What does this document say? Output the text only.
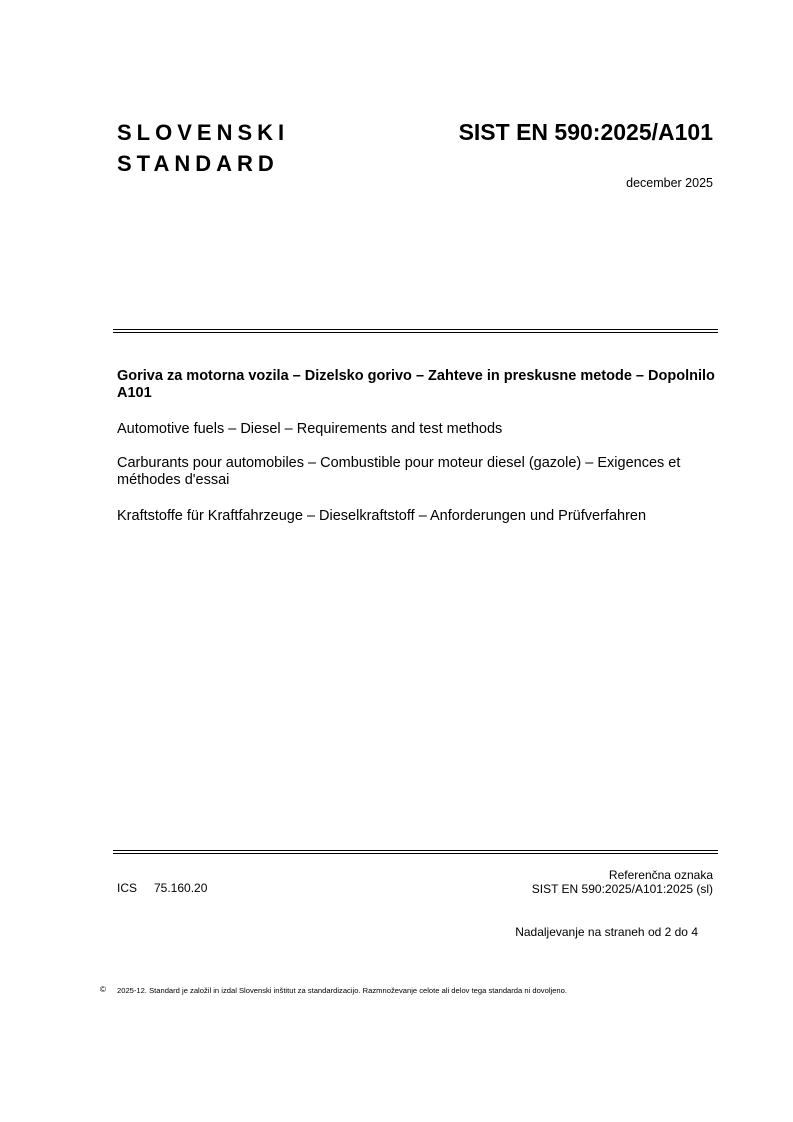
SLOVENSKI
STANDARD
SIST EN 590:2025/A101
december 2025
Goriva za motorna vozila – Dizelsko gorivo – Zahteve in preskusne metode – Dopolnilo A101
Automotive fuels – Diesel – Requirements and test methods
Carburants pour automobiles – Combustible pour moteur diesel (gazole) – Exigences et méthodes d'essai
Kraftstoffe für Kraftfahrzeuge – Dieselkraftstoff – Anforderungen und Prüfverfahren
ICS 75.160.20
Referenčna oznaka
SIST EN 590:2025/A101:2025 (sl)
Nadaljevanje na straneh od 2 do 4
© 2025-12. Standard je založil in izdal Slovenski inštitut za standardizacijo. Razmnoževanje celote ali delov tega standarda ni dovoljeno.
